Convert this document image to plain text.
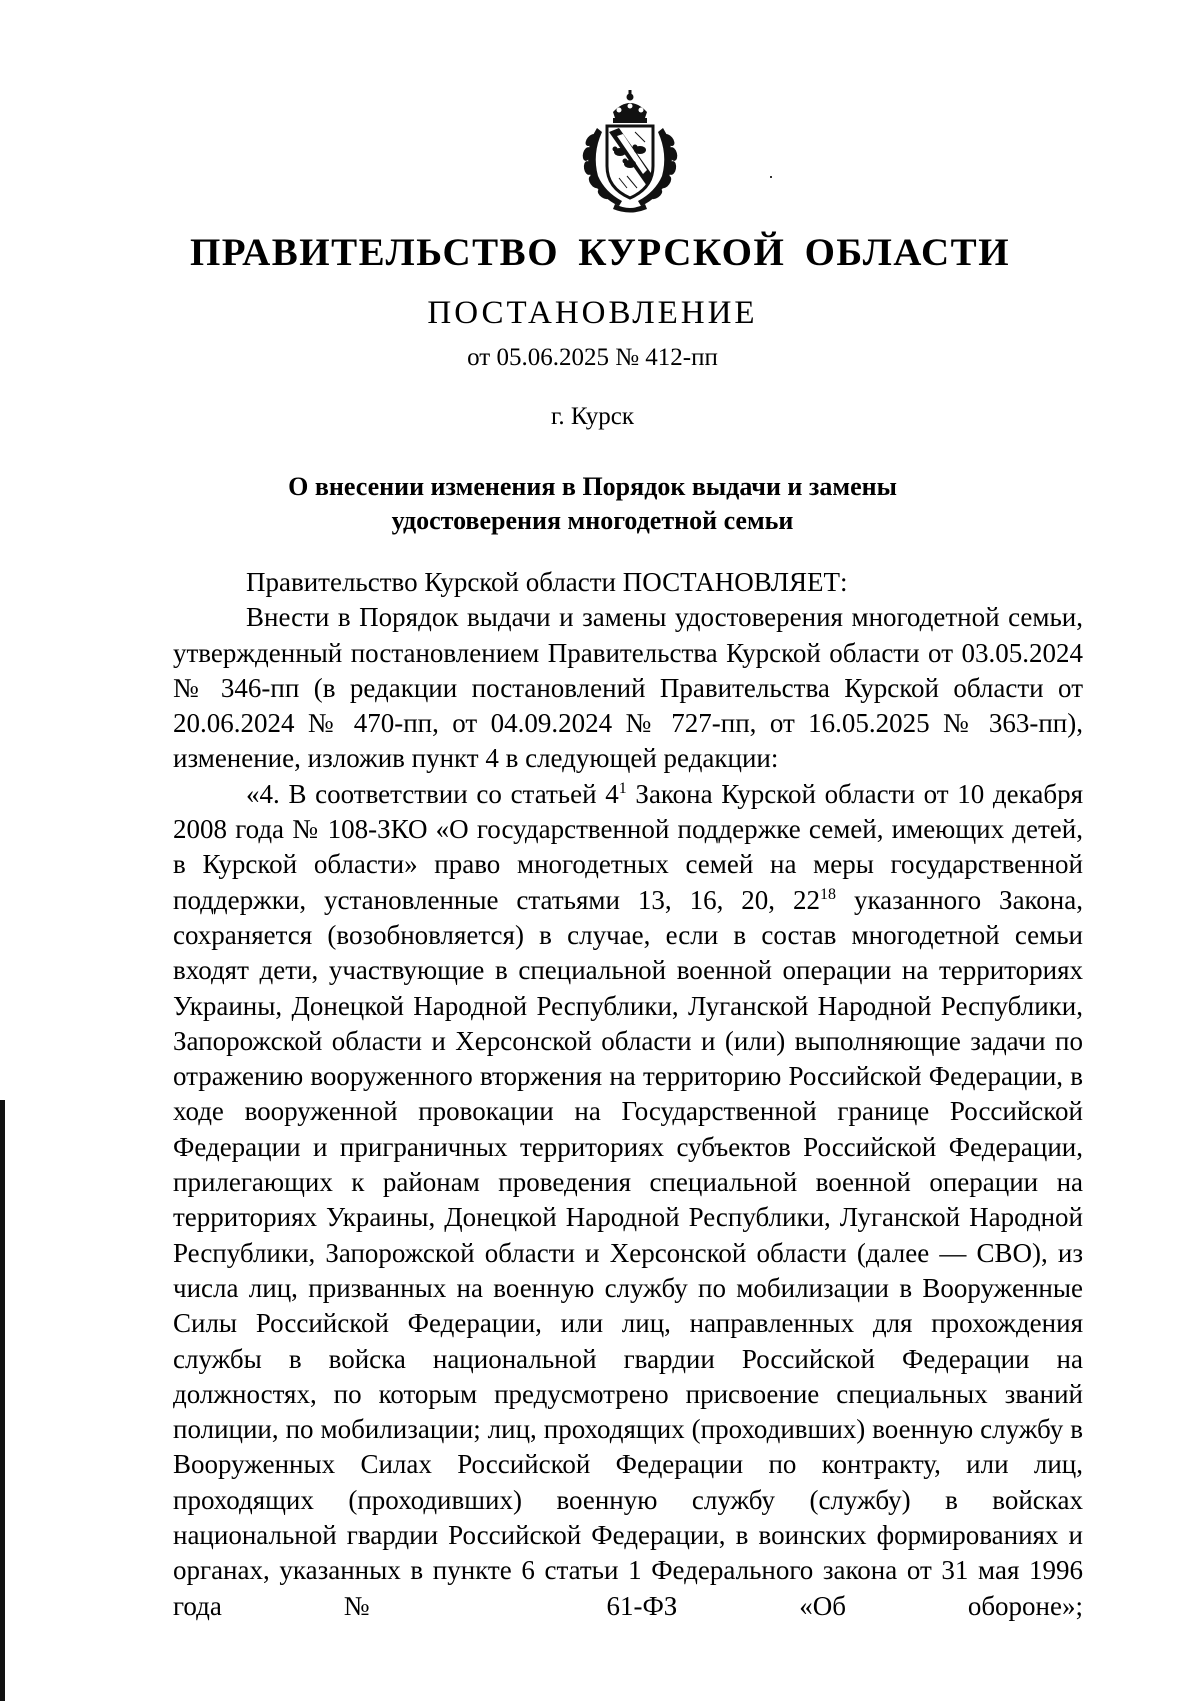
ПРАВИТЕЛЬСТВО КУРСКОЙ ОБЛАСТИ
ПОСТАНОВЛЕНИЕ
от 05.06.2025 № 412-пп
г. Курск
О внесении изменения в Порядок выдачи и замены
удостоверения многодетной семьи

Правительство Курской области ПОСТАНОВЛЯЕТ:

Внести в Порядок выдачи и замены удостоверения многодетной семьи, утвержденный постановлением Правительства Курской области от 03.05.2024 № 346-пп (в редакции постановлений Правительства Курской области от 20.06.2024 № 470-пп, от 04.09.2024 № 727-пп, от 16.05.2025 № 363-пп), изменение, изложив пункт 4 в следующей редакции:

«4. В соответствии со статьей $4^1$ Закона Курской области от 10 декабря 2008 года № 108-ЗКО «О государственной поддержке семей, имеющих детей, в Курской области» право многодетных семей на меры государственной поддержки, установленные статьями 13, 16, 20, $22^{18}$ указанного Закона, сохраняется (возобновляется) в случае, если в состав многодетной семьи входят дети, участвующие в специальной военной операции на территориях Украины, Донецкой Народной Республики, Луганской Народной Республики, Запорожской области и Херсонской области и (или) выполняющие задачи по отражению вооруженного вторжения на территорию Российской Федерации, в ходе вооруженной провокации на Государственной границе Российской Федерации и приграничных территориях субъектов Российской Федерации, прилегающих к районам проведения специальной военной операции на территориях Украины, Донецкой Народной Республики, Луганской Народной Республики, Запорожской области и Херсонской области (далее — СВО), из числа лиц, призванных на военную службу по мобилизации в Вооруженные Силы Российской Федерации, или лиц, направленных для прохождения службы в войска национальной гвардии Российской Федерации на должностях, по которым предусмотрено присвоение специальных званий полиции, по мобилизации; лиц, проходящих (проходивших) военную службу в Вооруженных Силах Российской Федерации по контракту, или лиц, проходящих (проходивших) военную службу (службу) в войсках национальной гвардии Российской Федерации, в воинских формированиях и органах, указанных в пункте 6 статьи 1 Федерального закона от 31 мая 1996 года № 61-ФЗ «Об обороне»;
